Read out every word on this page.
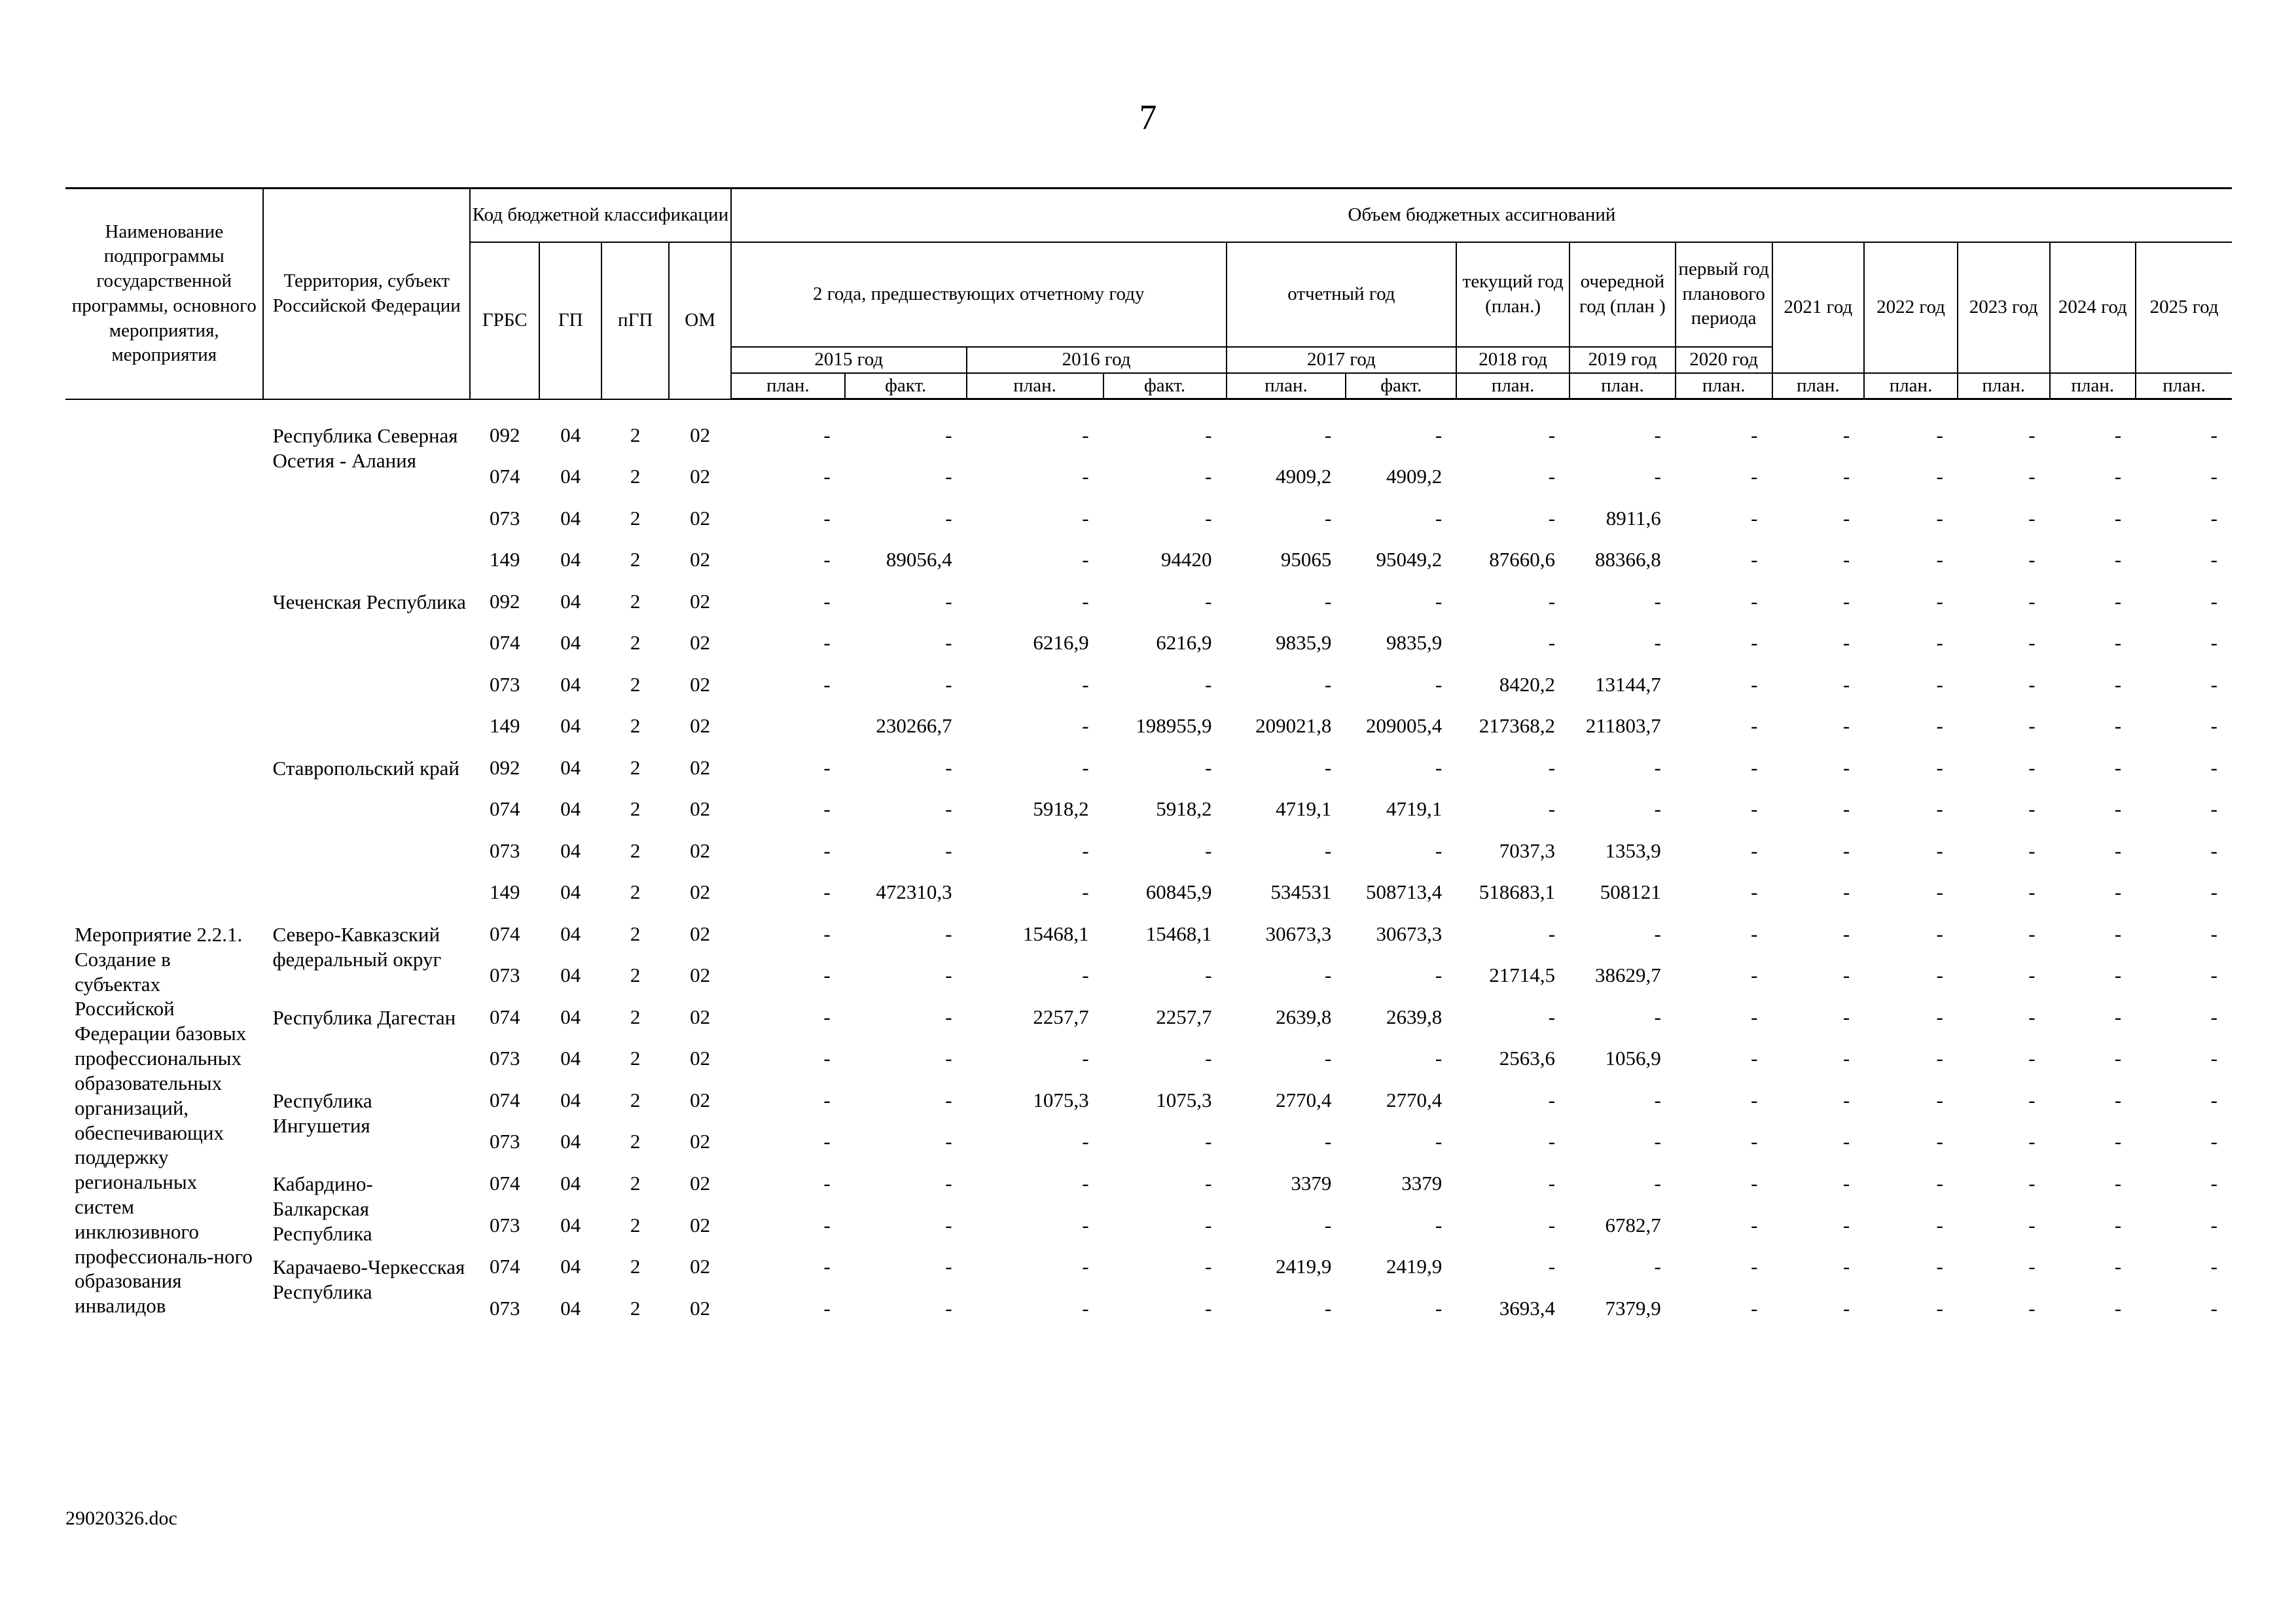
7
Наименование подпрограммы государственной программы, основного мероприятия, мероприятия	Территория, субъект Российской Федерации	Код бюджетной классификации				Объем бюджетных ассигнований													
		ГРБС	ГП	пГП	ОМ	2 года, предшествующих отчетному году				отчетный год		текущий год (план.)	очередной год (план )	первый год планового периода	2021 год	2022 год	2023 год	2024 год	2025 год
						2015 год		2016 год		2017 год		2018 год	2019 год	2020 год					
						план.	факт.	план.	факт.	план.	факт.	план.	план.	план.	план.	план.	план.	план.	план.
	Республика Северная Осетия - Алания	092	04	2	02	-	-	-	-	-	-	-	-	-	-	-	-	-	-
		074	04	2	02	-	-	-	-	4909,2	4909,2	-	-	-	-	-	-	-	-
		073	04	2	02	-	-	-	-	-	-	-	8911,6	-	-	-	-	-	-
		149	04	2	02	-	89056,4	-	94420	95065	95049,2	87660,6	88366,8	-	-	-	-	-	-
	Чеченская Республика	092	04	2	02	-	-	-	-	-	-	-	-	-	-	-	-	-	-
		074	04	2	02	-	-	6216,9	6216,9	9835,9	9835,9	-	-	-	-	-	-	-	-
		073	04	2	02	-	-	-	-	-	-	8420,2	13144,7	-	-	-	-	-	-
		149	04	2	02		230266,7	-	198955,9	209021,8	209005,4	217368,2	211803,7	-	-	-	-	-	-
	Ставропольский край	092	04	2	02	-	-	-	-	-	-	-	-	-	-	-	-	-	-
		074	04	2	02	-	-	5918,2	5918,2	4719,1	4719,1	-	-	-	-	-	-	-	-
		073	04	2	02	-	-	-	-	-	-	7037,3	1353,9	-	-	-	-	-	-
		149	04	2	02	-	472310,3	-	60845,9	534531	508713,4	518683,1	508121	-	-	-	-	-	-
Мероприятие 2.2.1. Создание в субъектах Российской Федерации базовых профессиональных образовательных организаций, обеспечивающих поддержку региональных систем инклюзивного профессиональ-ного образования инвалидов	Северо-Кавказский федеральный округ	074	04	2	02	-	-	15468,1	15468,1	30673,3	30673,3	-	-	-	-	-	-	-	-
		073	04	2	02	-	-	-	-	-	-	21714,5	38629,7	-	-	-	-	-	-
	Республика Дагестан	074	04	2	02	-	-	2257,7	2257,7	2639,8	2639,8	-	-	-	-	-	-	-	-
		073	04	2	02	-	-	-	-	-	-	2563,6	1056,9	-	-	-	-	-	-
	Республика Ингушетия	074	04	2	02	-	-	1075,3	1075,3	2770,4	2770,4	-	-	-	-	-	-	-	-
		073	04	2	02	-	-	-	-	-	-	-	-	-	-	-	-	-	-
	Кабардино-Балкарская Республика	074	04	2	02	-	-	-	-	3379	3379	-	-	-	-	-	-	-	-
		073	04	2	02	-	-	-	-	-	-	-	6782,7	-	-	-	-	-	-
	Карачаево-Черкесская Республика	074	04	2	02	-	-	-	-	2419,9	2419,9	-	-	-	-	-	-	-	-
		073	04	2	02	-	-	-	-	-	-	3693,4	7379,9	-	-	-	-	-	-
29020326.doc
